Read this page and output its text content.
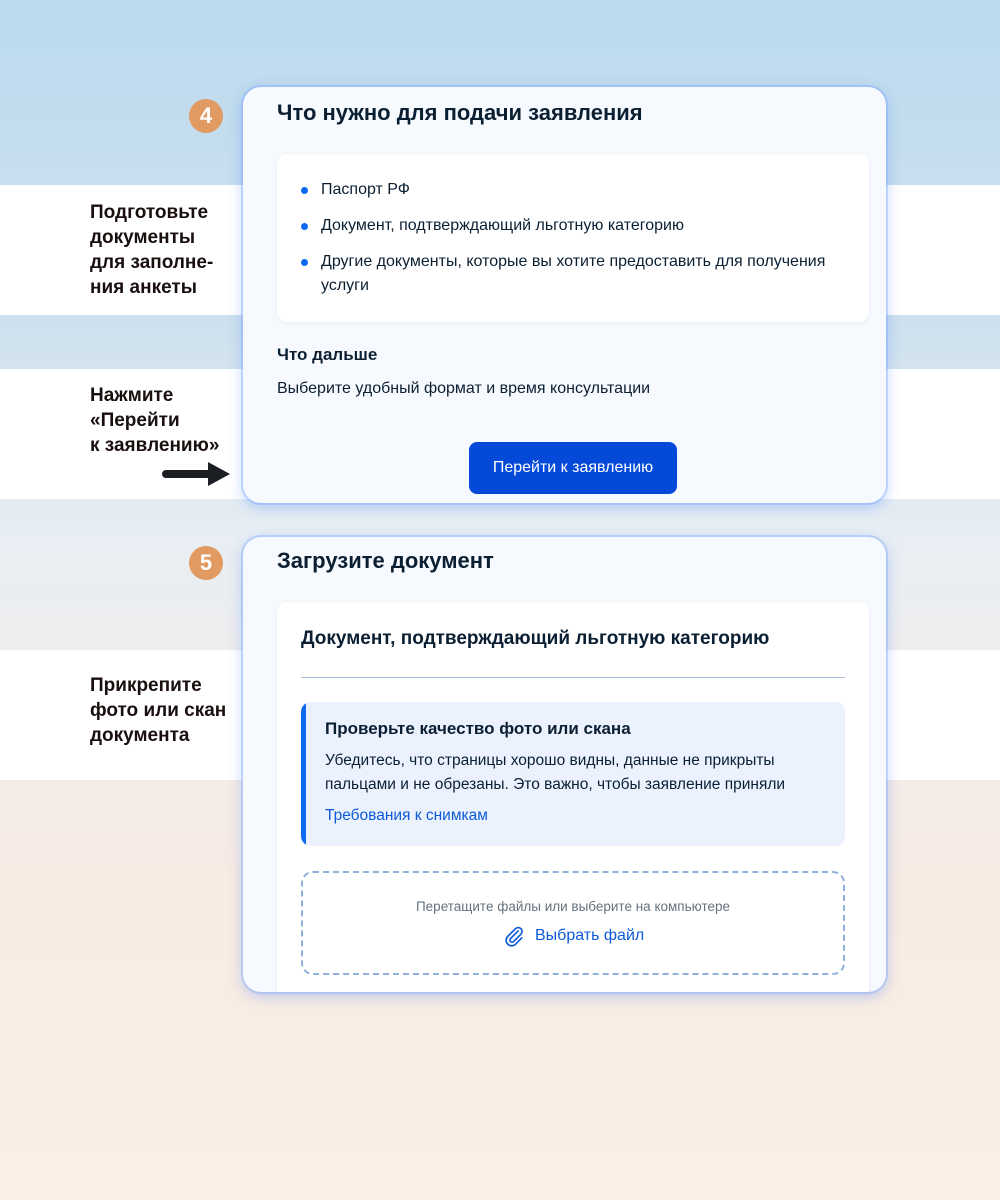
4

Подготовьте
документы
для заполне-
ния анкеты

Нажмите
«Перейти
к заявлению»

Что нужно для подачи заявления
Паспорт РФ
Документ, подтверждающий льготную категорию
Другие документы, которые вы хотите предоставить для получения услуги
Что дальше

Выберите удобный формат и время консультации

Перейти к заявлению
5

Прикрепите
фото или скан
документа

Загрузите документ
Документ, подтверждающий льготную категорию
Проверьте качество фото или скана

Убедитесь, что страницы хорошо видны, данные не прикрыты пальцами и не обрезаны. Это важно, чтобы заявление приняли

Требования к снимкам

Перетащите файлы или выберите на компьютере

Выбрать файл
